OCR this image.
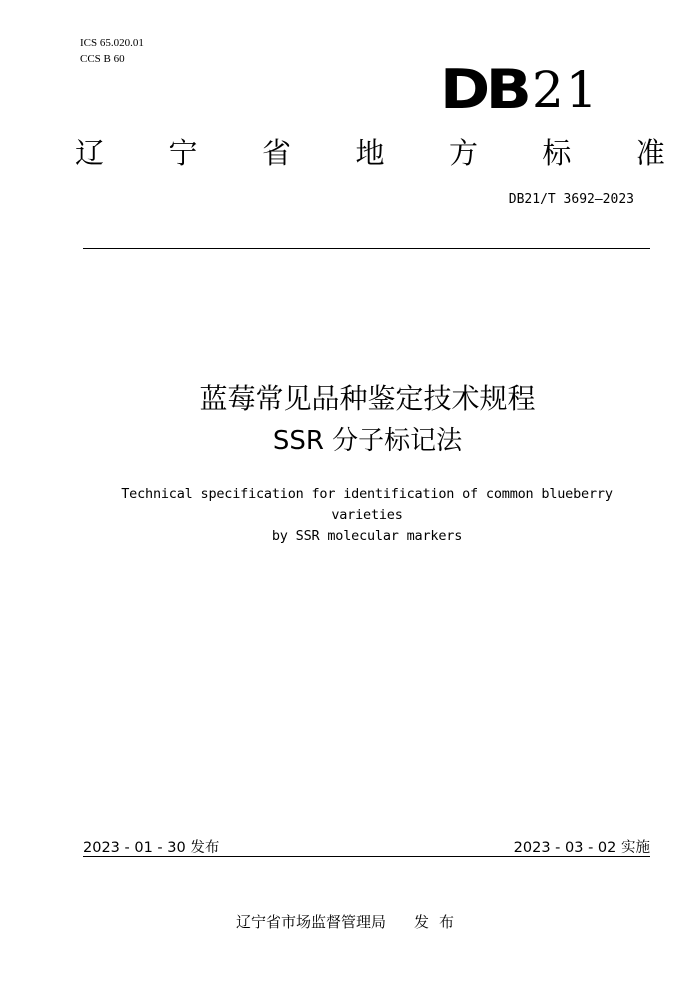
ICS 65.020.01
CCS B 60	DB 21
辽 宁 省 地 方 标 准
DB21/T 3692—2023
蓝莓常见品种鉴定技术规程
SSR 分子标记法
Technical specification for identification of common blueberry varieties
by SSR molecular markers
2023 - 01 - 30 发布	2023 - 03 - 02 实施
辽宁省市场监督管理局 发布
